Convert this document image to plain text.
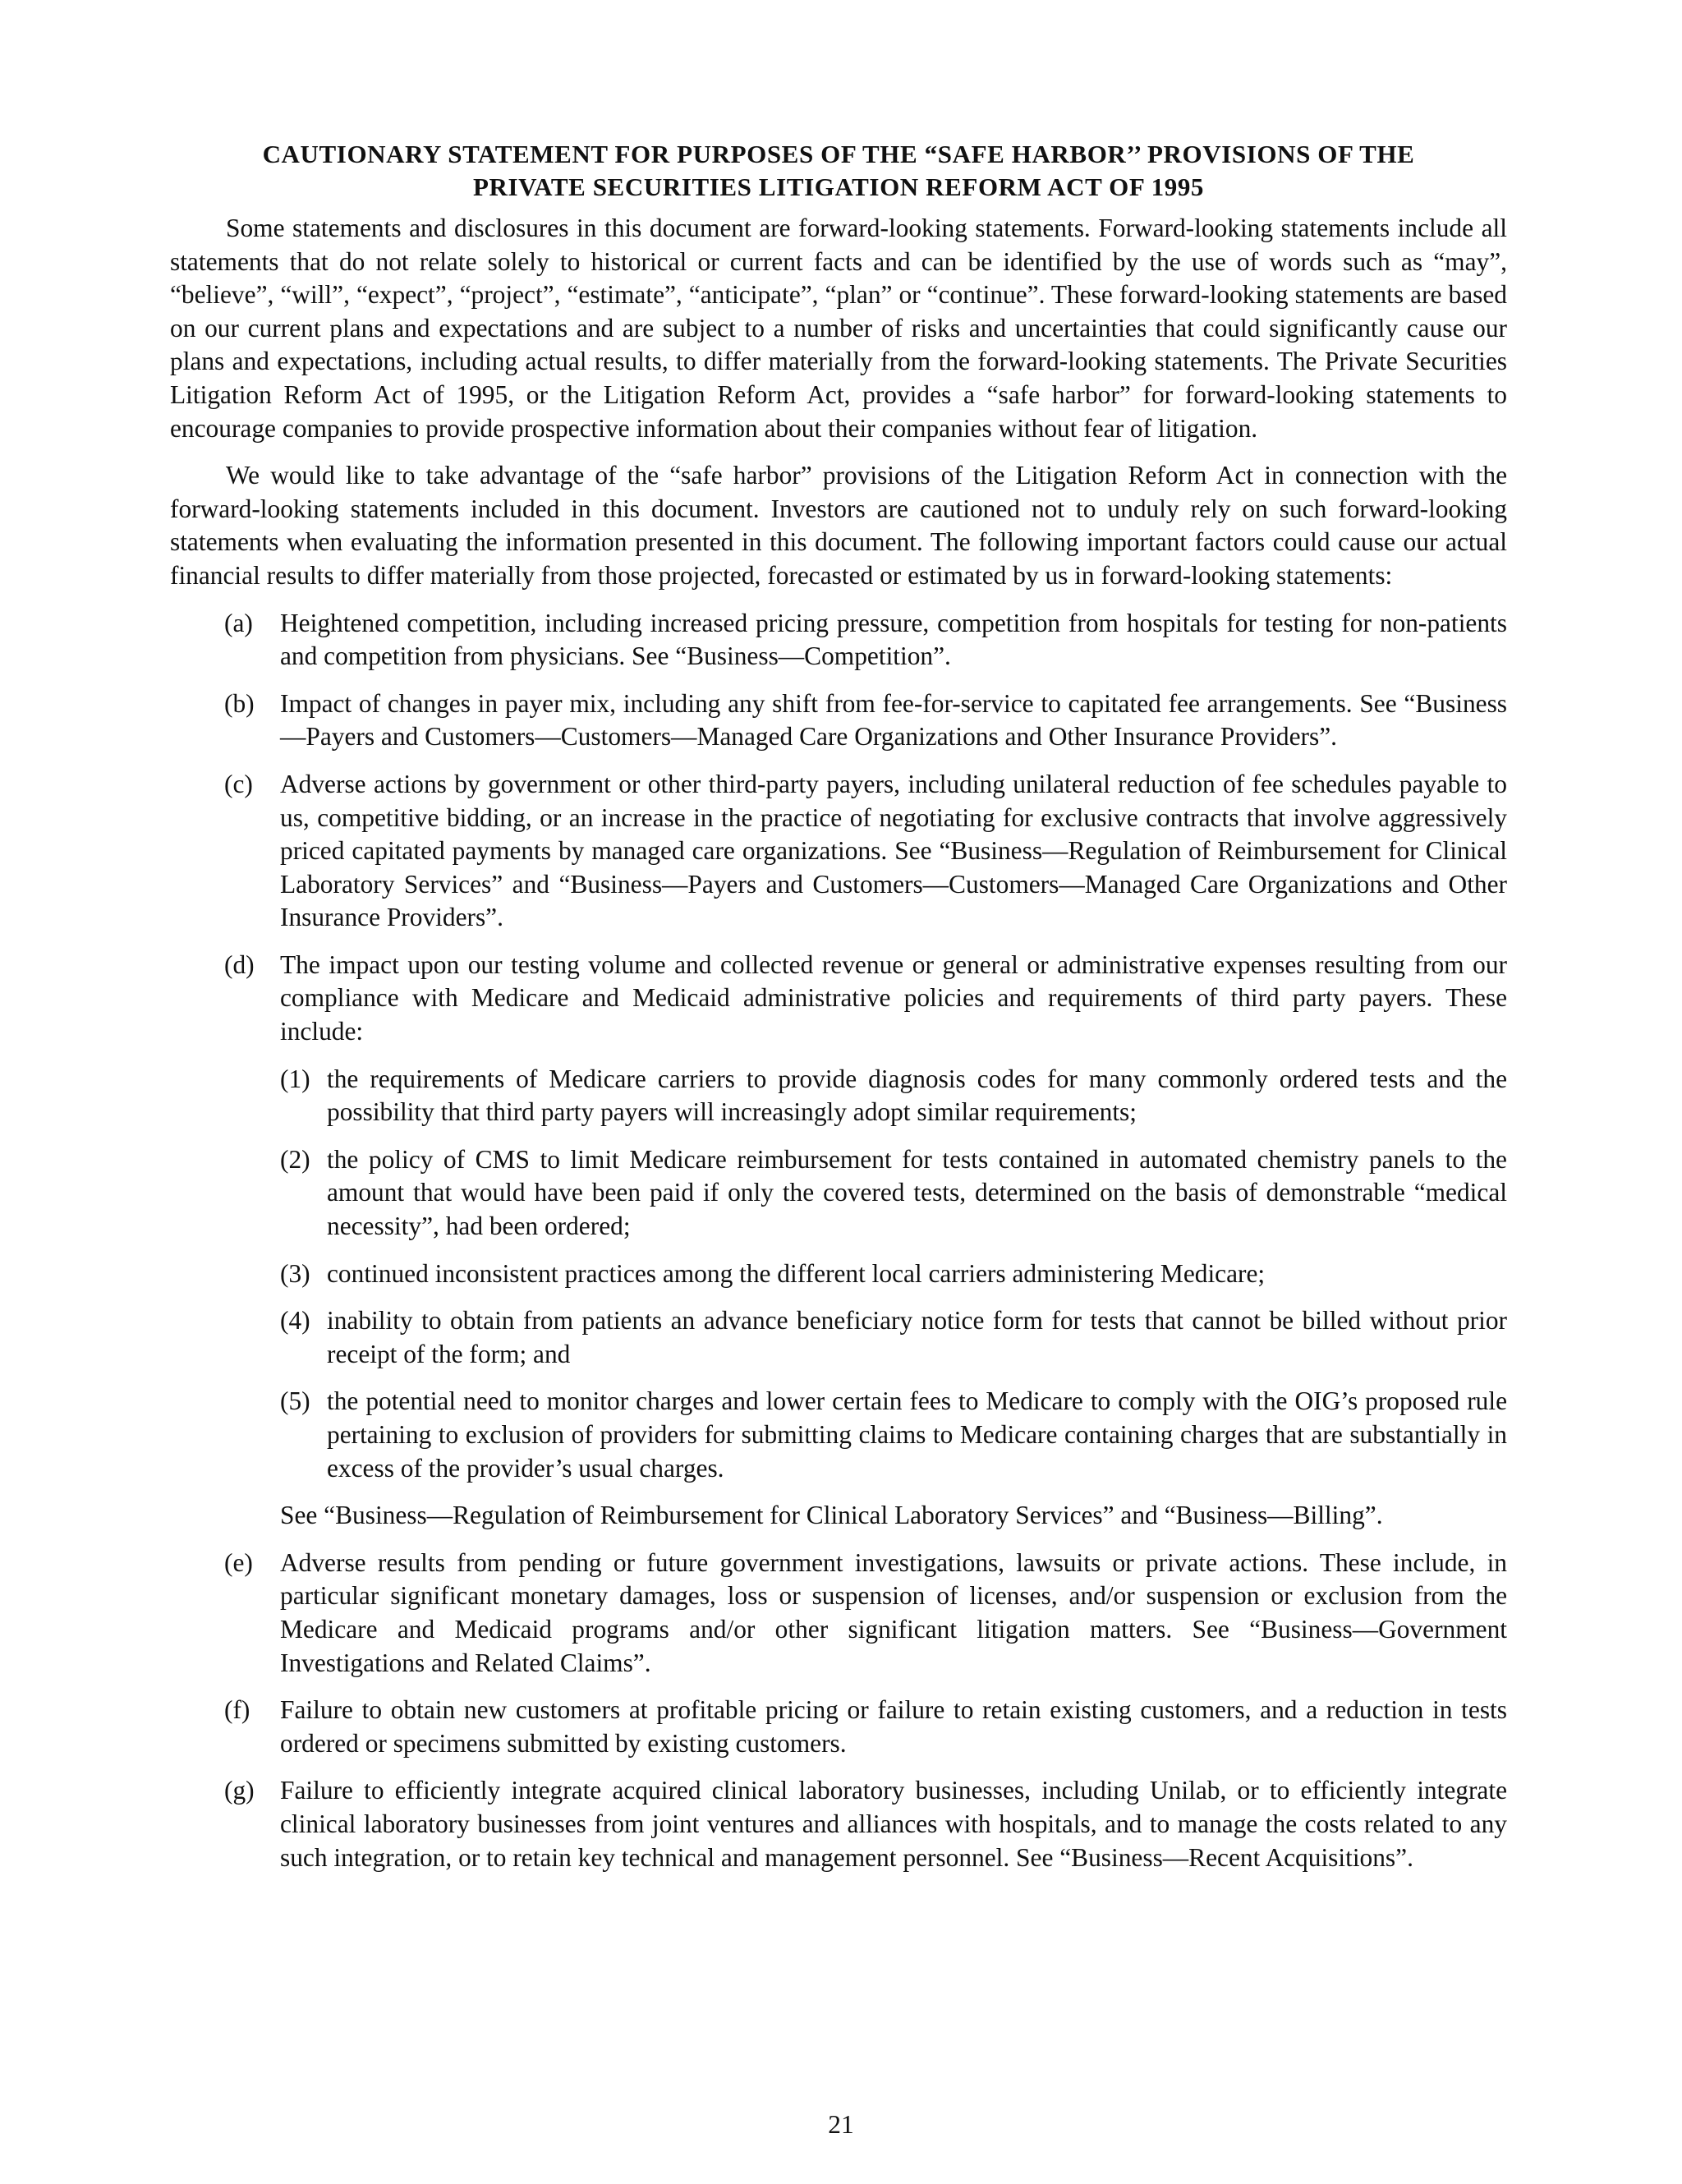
CAUTIONARY STATEMENT FOR PURPOSES OF THE “SAFE HARBOR’’ PROVISIONS OF THE
PRIVATE SECURITIES LITIGATION REFORM ACT OF 1995

Some statements and disclosures in this document are forward-looking statements. Forward-looking statements include all statements that do not relate solely to historical or current facts and can be identified by the use of words such as “may”, “believe”, “will”, “expect”, “project”, “estimate”, “anticipate”, “plan” or “continue”. These forward-looking statements are based on our current plans and expectations and are subject to a number of risks and uncertainties that could significantly cause our plans and expectations, including actual results, to differ materially from the forward-looking statements. The Private Securities Litigation Reform Act of 1995, or the Litigation Reform Act, provides a “safe harbor” for forward-looking statements to encourage companies to provide prospective information about their companies without fear of litigation.

We would like to take advantage of the “safe harbor” provisions of the Litigation Reform Act in connection with the forward-looking statements included in this document. Investors are cautioned not to unduly rely on such forward-looking statements when evaluating the information presented in this document. The following important factors could cause our actual financial results to differ materially from those projected, forecasted or estimated by us in forward-looking statements:

(a) Heightened competition, including increased pricing pressure, competition from hospitals for testing for non-patients and competition from physicians. See “Business—Competition”.
(b) Impact of changes in payer mix, including any shift from fee-for-service to capitated fee arrangements. See “Business—Payers and Customers—Customers—Managed Care Organizations and Other Insurance Providers”.
(c) Adverse actions by government or other third-party payers, including unilateral reduction of fee schedules payable to us, competitive bidding, or an increase in the practice of negotiating for exclusive contracts that involve aggressively priced capitated payments by managed care organizations. See “Business—Regulation of Reimbursement for Clinical Laboratory Services” and “Business—Payers and Customers—Customers—Managed Care Organizations and Other Insurance Providers”.
(d) The impact upon our testing volume and collected revenue or general or administrative expenses resulting from our compliance with Medicare and Medicaid administrative policies and requirements of third party payers. These include:
(1) the requirements of Medicare carriers to provide diagnosis codes for many commonly ordered tests and the possibility that third party payers will increasingly adopt similar requirements;
(2) the policy of CMS to limit Medicare reimbursement for tests contained in automated chemistry panels to the amount that would have been paid if only the covered tests, determined on the basis of demonstrable “medical necessity”, had been ordered;
(3) continued inconsistent practices among the different local carriers administering Medicare;
(4) inability to obtain from patients an advance beneficiary notice form for tests that cannot be billed without prior receipt of the form; and
(5) the potential need to monitor charges and lower certain fees to Medicare to comply with the OIG’s proposed rule pertaining to exclusion of providers for submitting claims to Medicare containing charges that are substantially in excess of the provider’s usual charges.

See “Business—Regulation of Reimbursement for Clinical Laboratory Services” and “Business—Billing”.

(e) Adverse results from pending or future government investigations, lawsuits or private actions. These include, in particular significant monetary damages, loss or suspension of licenses, and/or suspension or exclusion from the Medicare and Medicaid programs and/or other significant litigation matters. See “Business—Government Investigations and Related Claims”.
(f) Failure to obtain new customers at profitable pricing or failure to retain existing customers, and a reduction in tests ordered or specimens submitted by existing customers.
(g) Failure to efficiently integrate acquired clinical laboratory businesses, including Unilab, or to efficiently integrate clinical laboratory businesses from joint ventures and alliances with hospitals, and to manage the costs related to any such integration, or to retain key technical and management personnel. See “Business—Recent Acquisitions”.
21
